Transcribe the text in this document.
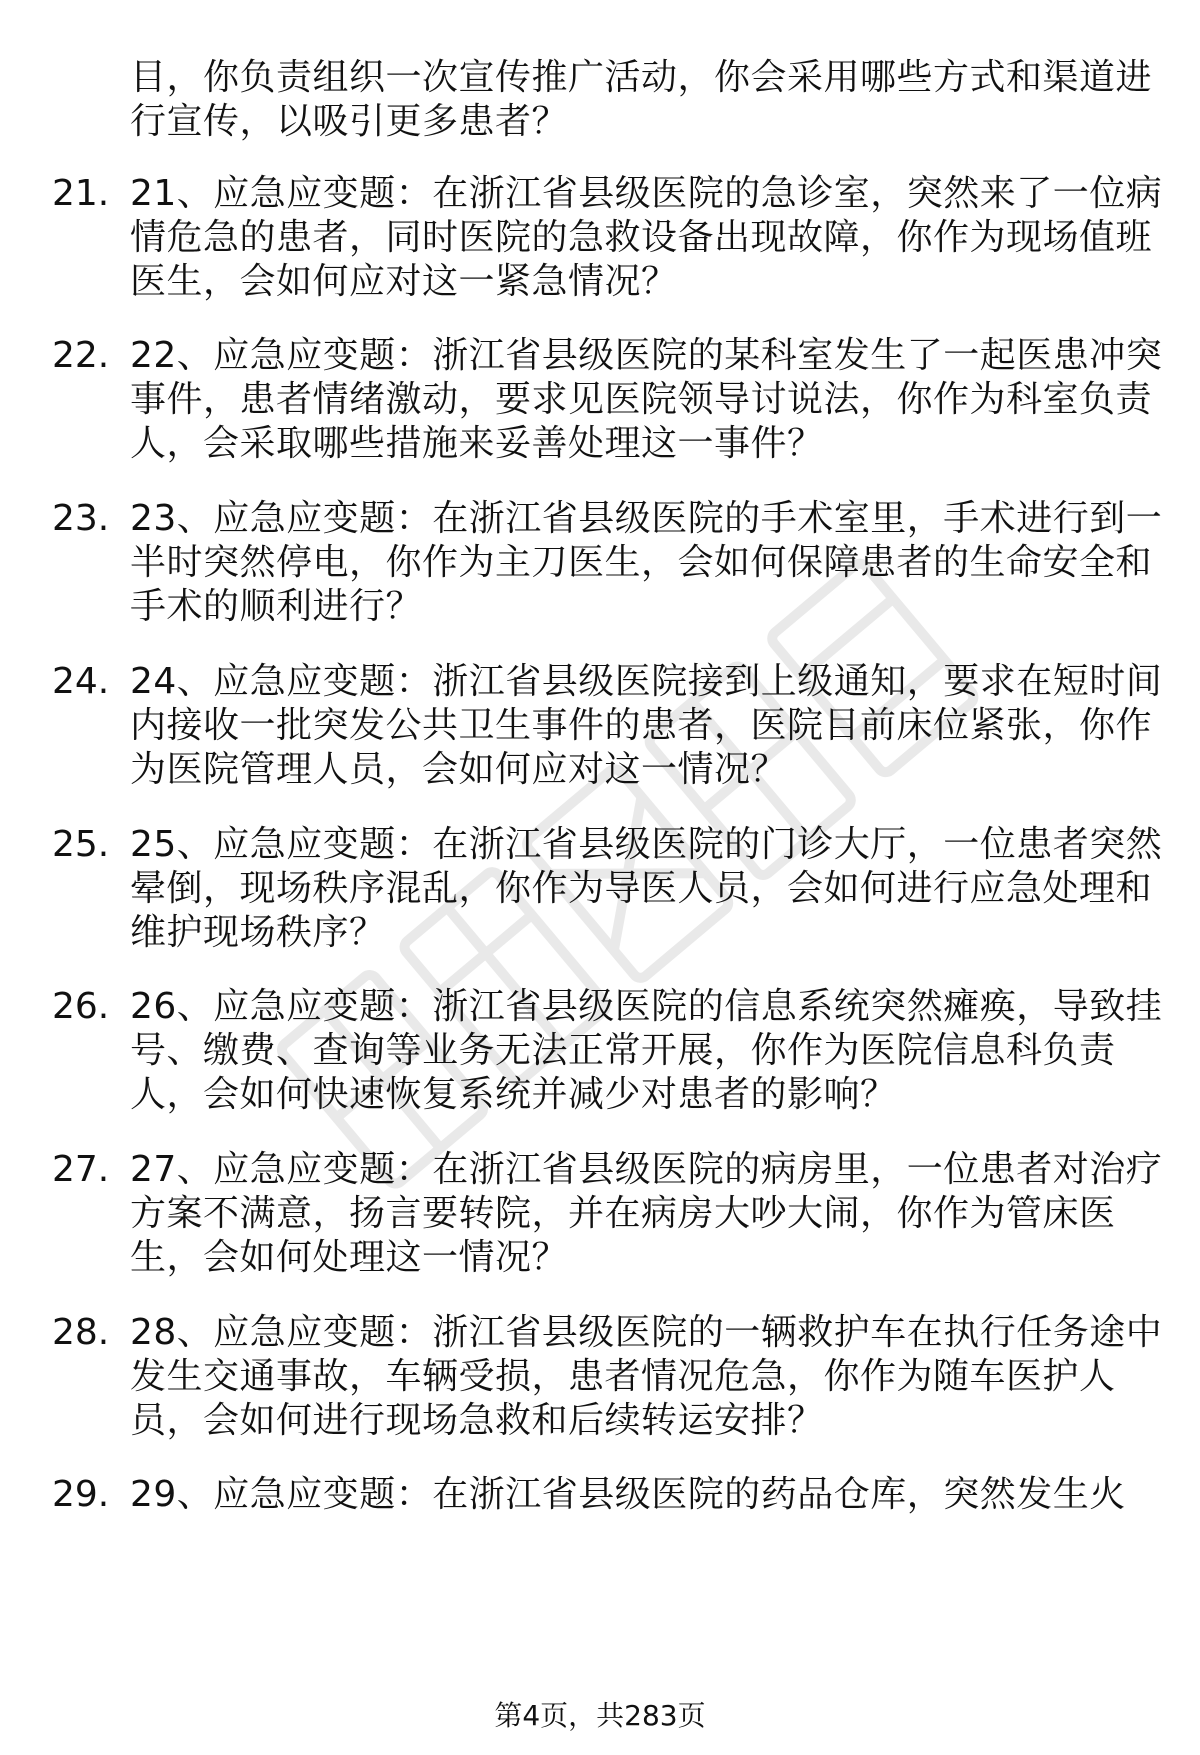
目，你负责组织一次宣传推广活动，你会采用哪些方式和渠道进
行宣传，以吸引更多患者？
21. 21、应急应变题：在浙江省县级医院的急诊室，突然来了一位病
情危急的患者，同时医院的急救设备出现故障，你作为现场值班
医生，会如何应对这一紧急情况？
22. 22、应急应变题：浙江省县级医院的某科室发生了一起医患冲突
事件，患者情绪激动，要求见医院领导讨说法，你作为科室负责
人，会采取哪些措施来妥善处理这一事件？
23. 23、应急应变题：在浙江省县级医院的手术室里，手术进行到一
半时突然停电，你作为主刀医生，会如何保障患者的生命安全和
手术的顺利进行？
24. 24、应急应变题：浙江省县级医院接到上级通知，要求在短时间
内接收一批突发公共卫生事件的患者，医院目前床位紧张，你作
为医院管理人员，会如何应对这一情况？
25. 25、应急应变题：在浙江省县级医院的门诊大厅，一位患者突然
晕倒，现场秩序混乱，你作为导医人员，会如何进行应急处理和
维护现场秩序？
26. 26、应急应变题：浙江省县级医院的信息系统突然瘫痪，导致挂
号、缴费、查询等业务无法正常开展，你作为医院信息科负责
人，会如何快速恢复系统并减少对患者的影响？
27. 27、应急应变题：在浙江省县级医院的病房里，一位患者对治疗
方案不满意，扬言要转院，并在病房大吵大闹，你作为管床医
生，会如何处理这一情况？
28. 28、应急应变题：浙江省县级医院的一辆救护车在执行任务途中
发生交通事故，车辆受损，患者情况危急，你作为随车医护人
员，会如何进行现场急救和后续转运安排？
29. 29、应急应变题：在浙江省县级医院的药品仓库，突然发生火
第4页，共283页
